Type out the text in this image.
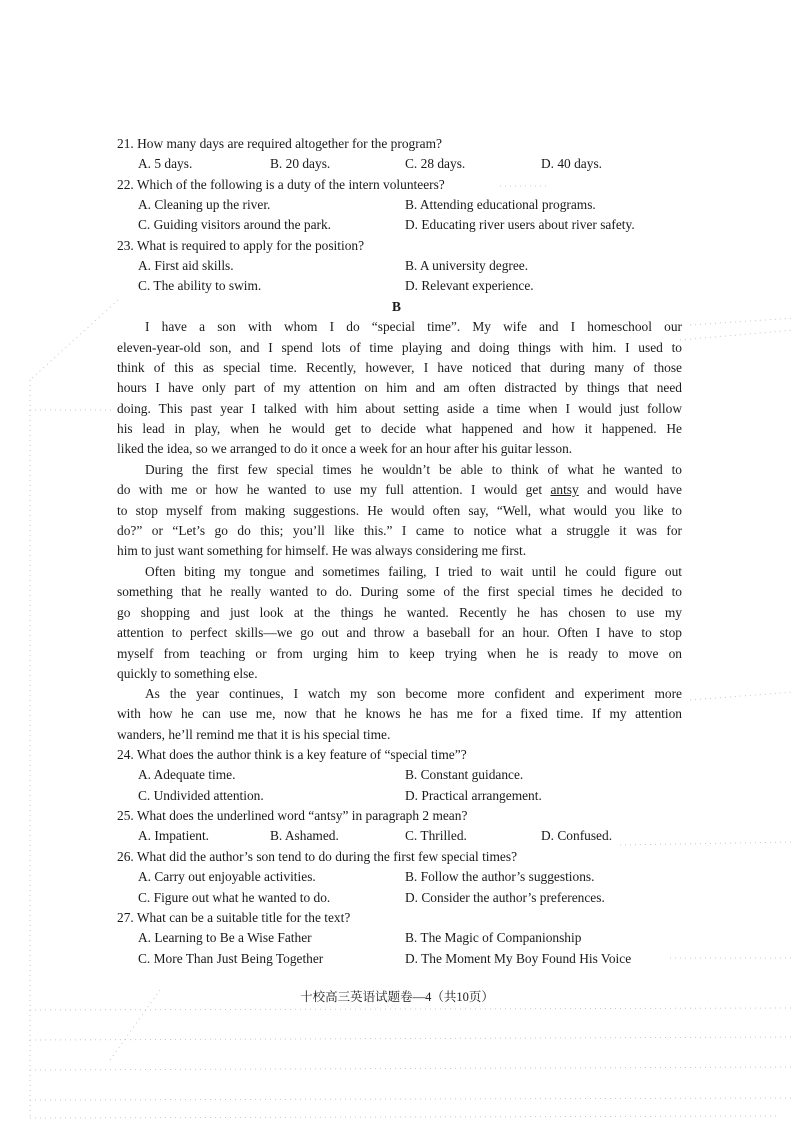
21. How many days are required altogether for the program?
A. 5 days.	B. 20 days.	C. 28 days.	D. 40 days.
22. Which of the following is a duty of the intern volunteers?
A. Cleaning up the river.	B. Attending educational programs.
C. Guiding visitors around the park.	D. Educating river users about river safety.
23. What is required to apply for the position?
A. First aid skills.	B. A university degree.
C. The ability to swim.	D. Relevant experience.
B
I have a son with whom I do “special time”. My wife and I homeschool our
eleven-year-old son, and I spend lots of time playing and doing things with him. I used to
think of this as special time. Recently, however, I have noticed that during many of those
hours I have only part of my attention on him and am often distracted by things that need
doing. This past year I talked with him about setting aside a time when I would just follow
his lead in play, when he would get to decide what happened and how it happened. He
liked the idea, so we arranged to do it once a week for an hour after his guitar lesson.
During the first few special times he wouldn’t be able to think of what he wanted to
do with me or how he wanted to use my full attention. I would get antsy and would have
to stop myself from making suggestions. He would often say, “Well, what would you like to
do?” or “Let’s go do this; you’ll like this.” I came to notice what a struggle it was for
him to just want something for himself. He was always considering me first.
Often biting my tongue and sometimes failing, I tried to wait until he could figure out
something that he really wanted to do. During some of the first special times he decided to
go shopping and just look at the things he wanted. Recently he has chosen to use my
attention to perfect skills—we go out and throw a baseball for an hour. Often I have to stop
myself from teaching or from urging him to keep trying when he is ready to move on
quickly to something else.
As the year continues, I watch my son become more confident and experiment more
with how he can use me, now that he knows he has me for a fixed time. If my attention
wanders, he’ll remind me that it is his special time.
24. What does the author think is a key feature of “special time”?
A. Adequate time.	B. Constant guidance.
C. Undivided attention.	D. Practical arrangement.
25. What does the underlined word “antsy” in paragraph 2 mean?
A. Impatient.	B. Ashamed.	C. Thrilled.	D. Confused.
26. What did the author’s son tend to do during the first few special times?
A. Carry out enjoyable activities.	B. Follow the author’s suggestions.
C. Figure out what he wanted to do.	D. Consider the author’s preferences.
27. What can be a suitable title for the text?
A. Learning to Be a Wise Father	B. The Magic of Companionship
C. More Than Just Being Together	D. The Moment My Boy Found His Voice
十校高三英语试题卷—4（共10页）
